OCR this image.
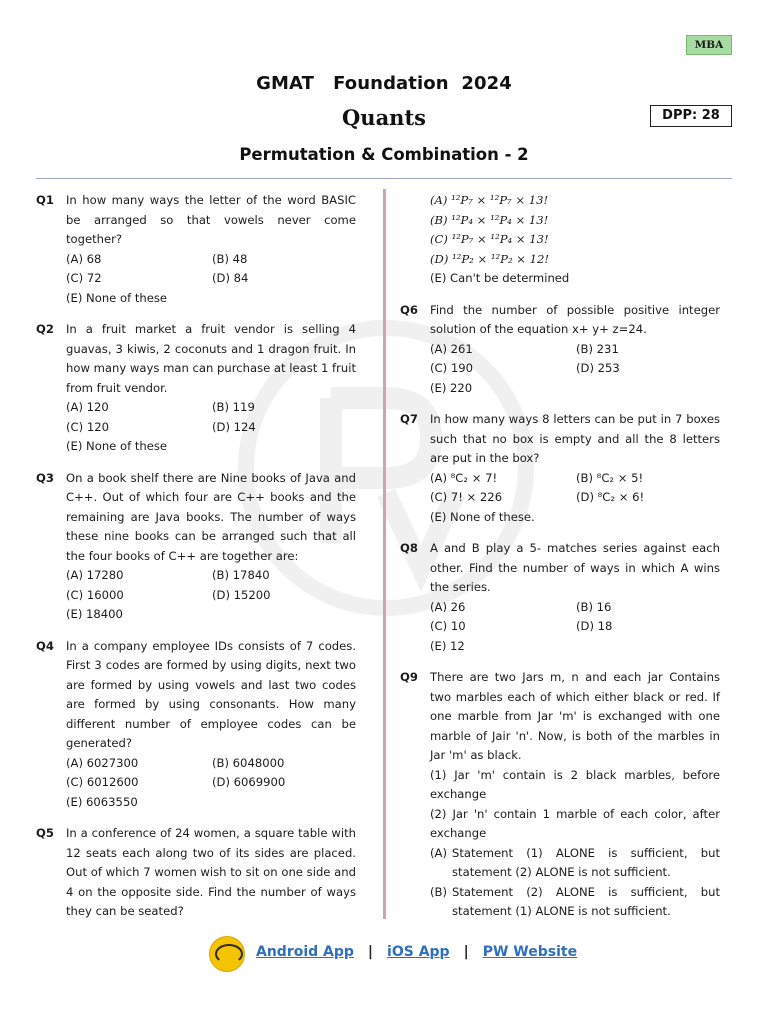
MBA
GMAT   Foundation  2024
Quants	DPP: 28
Permutation & Combination - 2
Q1	In how many ways the letter of the word BASIC be arranged so that vowels never come together?
(A) 68	(B) 48
(C) 72	(D) 84
(E) None of these
Q2	In a fruit market a fruit vendor is selling 4 guavas, 3 kiwis, 2 coconuts and 1 dragon fruit. In how many ways man can purchase at least 1 fruit from fruit vendor.
(A) 120	(B) 119
(C) 120	(D) 124
(E) None of these
Q3	On a book shelf there are Nine books of Java and C++. Out of which four are C++ books and the remaining are Java books. The number of ways these nine books can be arranged such that all the four books of C++ are together are:
(A) 17280	(B) 17840
(C) 16000	(D) 15200
(E) 18400
Q4	In a company employee IDs consists of 7 codes. First 3 codes are formed by using digits, next two are formed by using vowels and last two codes are formed by using consonants. How many different number of employee codes can be generated?
(A) 6027300	(B) 6048000
(C) 6012600	(D) 6069900
(E) 6063550
Q5	In a conference of 24 women, a square table with 12 seats each along two of its sides are placed. Out of which 7 women wish to sit on one side and 4 on the opposite side. Find the number of ways they can be seated?
(A) ¹²P₇ × ¹²P₇ × 13!
(B) ¹²P₄ × ¹²P₄ × 13!
(C) ¹²P₇ × ¹²P₄ × 13!
(D) ¹²P₂ × ¹²P₂ × 12!
(E) Can't be determined
Q6	Find the number of possible positive integer solution of the equation x+ y+ z=24.
(A) 261	(B) 231
(C) 190	(D) 253
(E) 220
Q7	In how many ways 8 letters can be put in 7 boxes such that no box is empty and all the 8 letters are put in the box?
(A) ⁸C₂ × 7!	(B) ⁸C₂ × 5!
(C) 7! × 226	(D) ⁸C₂ × 6!
(E) None of these.
Q8	A and B play a 5- matches series against each other. Find the number of ways in which A wins the series.
(A) 26	(B) 16
(C) 10	(D) 18
(E) 12
Q9	There are two Jars m, n and each jar Contains two marbles each of which either black or red. If one marble from Jar 'm' is exchanged with one marble of Jair 'n'. Now, is both of the marbles in Jar 'm' as black.
(1) Jar 'm' contain is 2 black marbles, before exchange
(2) Jar 'n' contain 1 marble of each color, after exchange
(A) Statement (1) ALONE is sufficient, but statement (2) ALONE is not sufficient.
(B) Statement (2) ALONE is sufficient, but statement (1) ALONE is not sufficient.
Android App | iOS App | PW Website
